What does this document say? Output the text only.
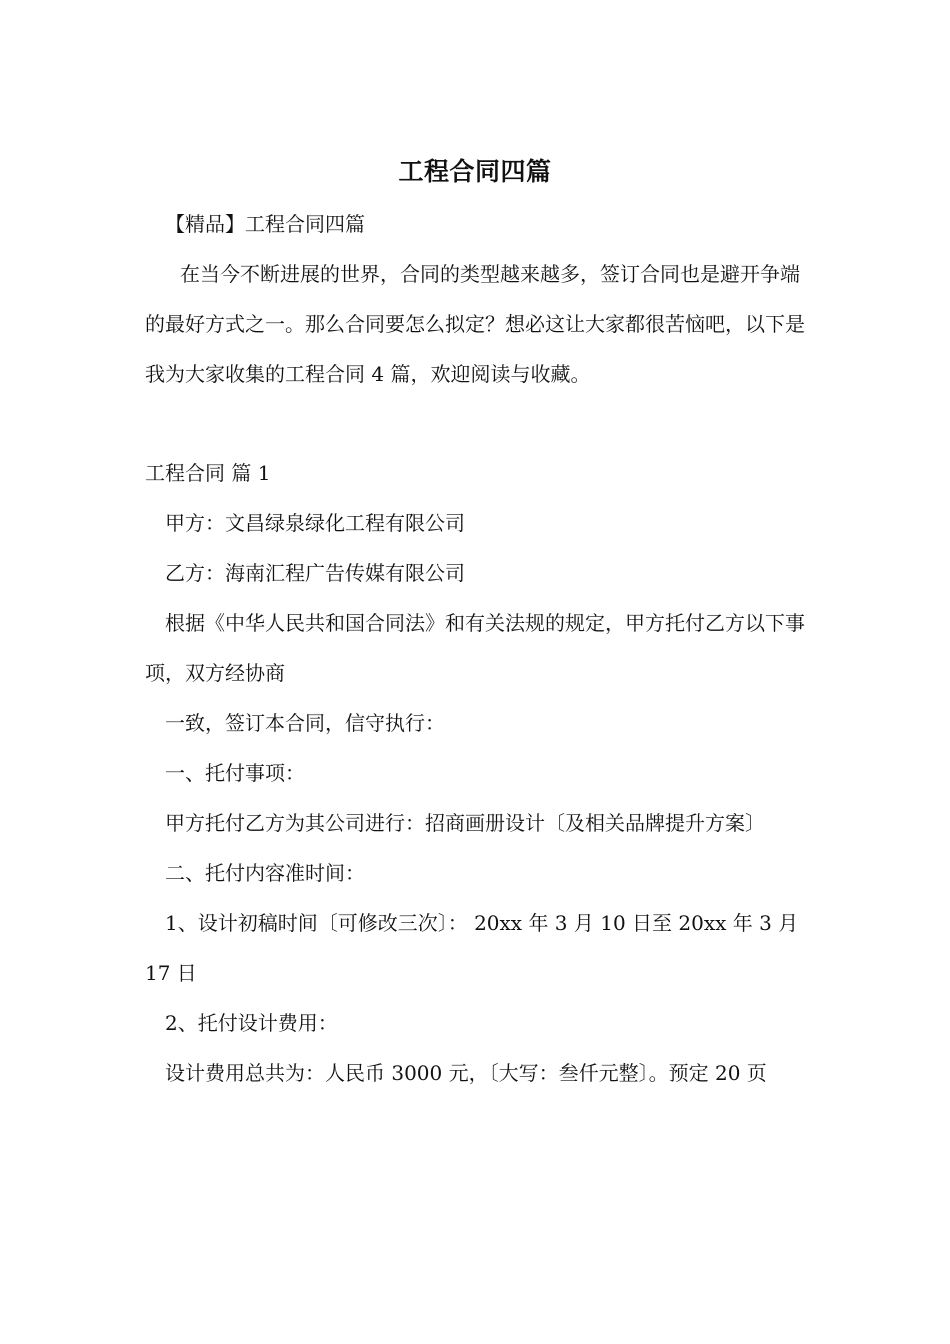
工程合同四篇

【精品】工程合同四篇

在当今不断进展的世界，合同的类型越来越多，签订合同也是避开争端的最好方式之一。那么合同要怎么拟定？想必这让大家都很苦恼吧，以下是我为大家收集的工程合同 4 篇，欢迎阅读与收藏。

工程合同 篇 1

甲方：文昌绿泉绿化工程有限公司

乙方：海南汇程广告传媒有限公司

根据《中华人民共和国合同法》和有关法规的规定，甲方托付乙方以下事项，双方经协商

一致，签订本合同，信守执行：

一、托付事项：

甲方托付乙方为其公司进行：招商画册设计〔及相关品牌提升方案〕

二、托付内容准时间：

1、设计初稿时间〔可修改三次〕： 20xx 年 3 月 10 日至 20xx 年 3 月 17 日

2、托付设计费用：

设计费用总共为：人民币 3000 元，〔大写：叁仟元整〕。预定 20 页
